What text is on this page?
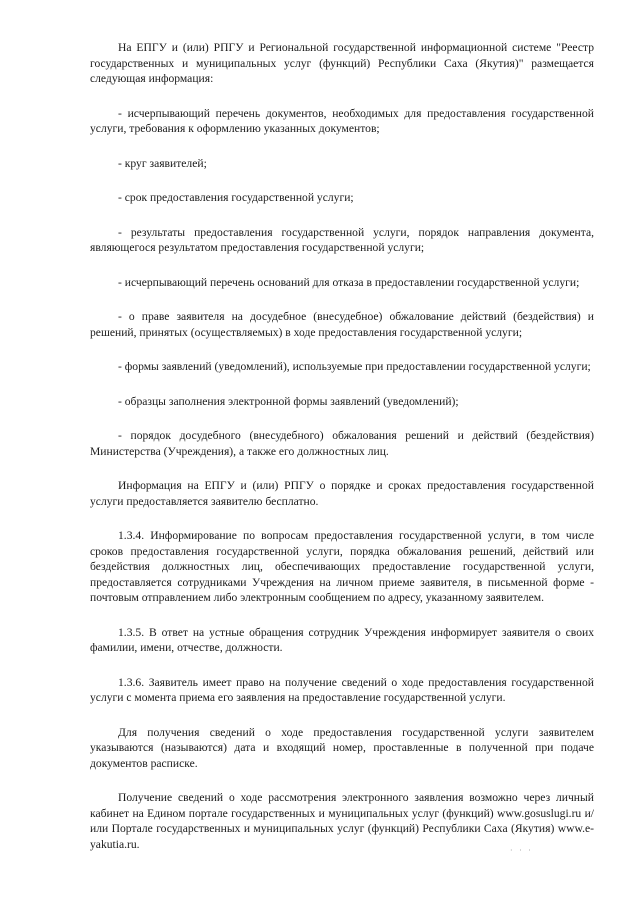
На ЕПГУ и (или) РПГУ и Региональной государственной информационной системе "Реестр государственных и муниципальных услуг (функций) Республики Саха (Якутия)" размещается следующая информация:

- исчерпывающий перечень документов, необходимых для предоставления государственной услуги, требования к оформлению указанных документов;

- круг заявителей;

- срок предоставления государственной услуги;

- результаты предоставления государственной услуги, порядок направления документа, являющегося результатом предоставления государственной услуги;

- исчерпывающий перечень оснований для отказа в предоставлении государственной услуги;

- о праве заявителя на досудебное (внесудебное) обжалование действий (бездействия) и решений, принятых (осуществляемых) в ходе предоставления государственной услуги;

- формы заявлений (уведомлений), используемые при предоставлении государственной услуги;

- образцы заполнения электронной формы заявлений (уведомлений);

- порядок досудебного (внесудебного) обжалования решений и действий (бездействия) Министерства (Учреждения), а также его должностных лиц.

Информация на ЕПГУ и (или) РПГУ о порядке и сроках предоставления государственной услуги предоставляется заявителю бесплатно.

1.3.4. Информирование по вопросам предоставления государственной услуги, в том числе сроков предоставления государственной услуги, порядка обжалования решений, действий или бездействия должностных лиц, обеспечивающих предоставление государственной услуги, предоставляется сотрудниками Учреждения на личном приеме заявителя, в письменной форме - почтовым отправлением либо электронным сообщением по адресу, указанному заявителем.

1.3.5. В ответ на устные обращения сотрудник Учреждения информирует заявителя о своих фамилии, имени, отчестве, должности.

1.3.6. Заявитель имеет право на получение сведений о ходе предоставления государственной услуги с момента приема его заявления на предоставление государственной услуги.

Для получения сведений о ходе предоставления государственной услуги заявителем указываются (называются) дата и входящий номер, проставленные в полученной при подаче документов расписке.

Получение сведений о ходе рассмотрения электронного заявления возможно через личный кабинет на Едином портале государственных и муниципальных услуг (функций) www.gosuslugi.ru и/или Портале государственных и муниципальных услуг (функций) Республики Саха (Якутия) www.e-yakutia.ru.	· · ·
